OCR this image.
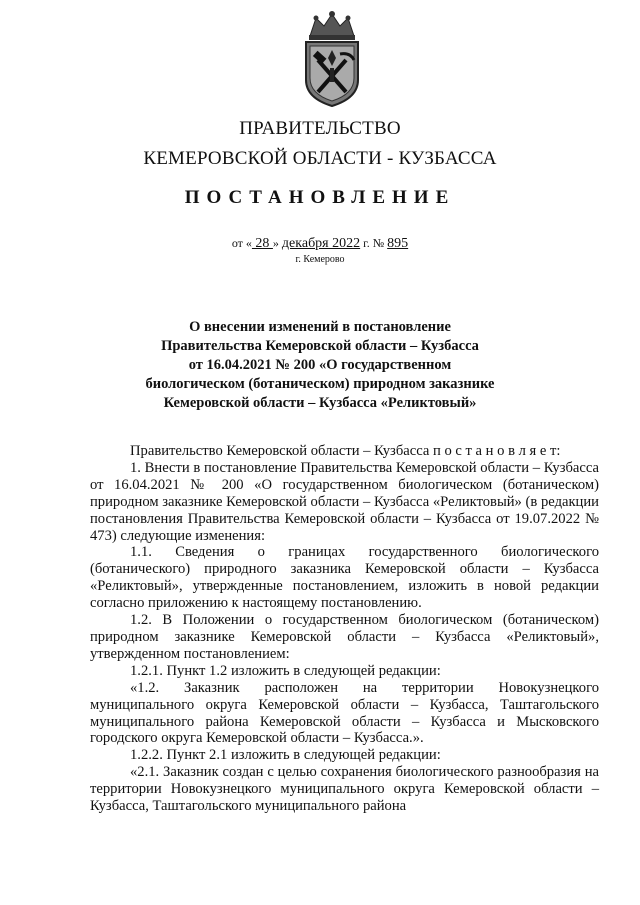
ПРАВИТЕЛЬСТВО
КЕМЕРОВСКОЙ ОБЛАСТИ - КУЗБАССА
ПОСТАНОВЛЕНИЕ
от « 28 » декабря 2022 г. № 895
г. Кемерово
О внесении изменений в постановление
Правительства Кемеровской области – Кузбасса
от 16.04.2021 № 200 «О государственном
биологическом (ботаническом) природном заказнике
Кемеровской области – Кузбасса «Реликтовый»

Правительство Кемеровской области – Кузбасса п о с т а н о в л я е т:

1. Внести в постановление Правительства Кемеровской области – Кузбасса от 16.04.2021 № 200 «О государственном биологическом (ботаническом) природном заказнике Кемеровской области – Кузбасса «Реликтовый» (в редакции постановления Правительства Кемеровской области – Кузбасса от 19.07.2022 № 473) следующие изменения:

1.1. Сведения о границах государственного биологического (ботанического) природного заказника Кемеровской области – Кузбасса «Реликтовый», утвержденные постановлением, изложить в новой редакции согласно приложению к настоящему постановлению.

1.2. В Положении о государственном биологическом (ботаническом) природном заказнике Кемеровской области – Кузбасса «Реликтовый», утвержденном постановлением:

1.2.1. Пункт 1.2 изложить в следующей редакции:

«1.2. Заказник расположен на территории Новокузнецкого муниципального округа Кемеровской области – Кузбасса, Таштагольского муниципального района Кемеровской области – Кузбасса и Мысковского городского округа Кемеровской области – Кузбасса.».

1.2.2. Пункт 2.1 изложить в следующей редакции:

«2.1. Заказник создан с целью сохранения биологического разнообразия на территории Новокузнецкого муниципального округа Кемеровской области – Кузбасса, Таштагольского муниципального района
